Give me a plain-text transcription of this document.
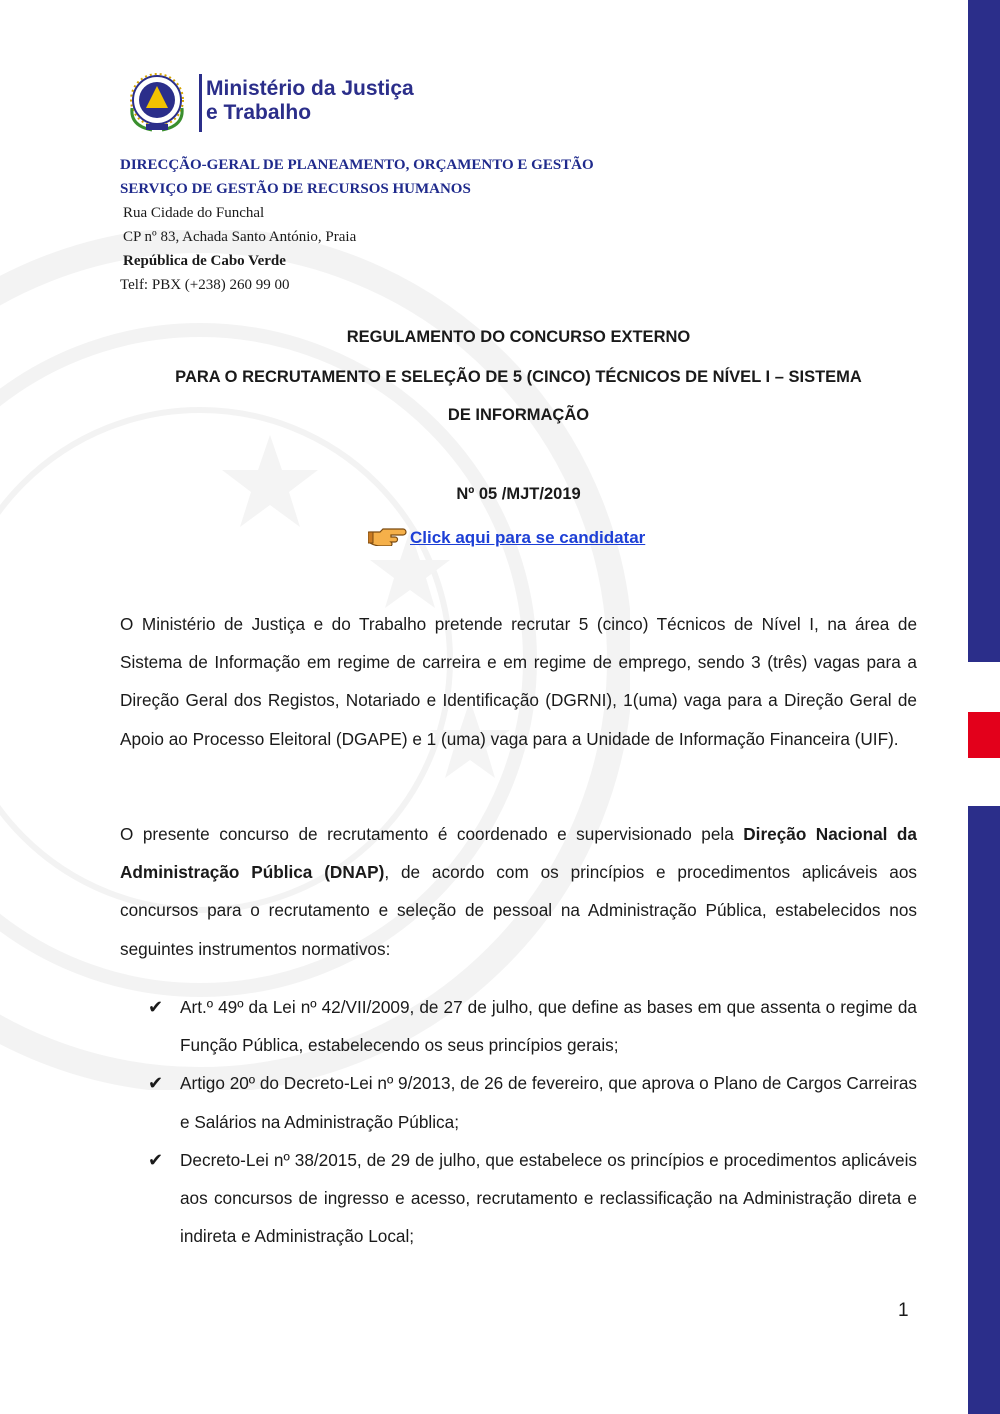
Ministério da Justiça
e Trabalho
DIRECÇÃO-GERAL DE PLANEAMENTO, ORÇAMENTO E GESTÃO
SERVIÇO DE GESTÃO DE RECURSOS HUMANOS
Rua Cidade do Funchal
CP nº 83, Achada Santo António, Praia
República de Cabo Verde
Telf: PBX (+238) 260 99 00
REGULAMENTO DO CONCURSO EXTERNO
PARA O RECRUTAMENTO E SELEÇÃO DE 5 (CINCO) TÉCNICOS DE NÍVEL I – SISTEMA
DE INFORMAÇÃO
Nº 05 /MJT/2019
Click aqui para se candidatar
O Ministério de Justiça e do Trabalho pretende recrutar 5 (cinco) Técnicos de Nível I, na área de Sistema de Informação em regime de carreira e em regime de emprego, sendo 3 (três) vagas para a Direção Geral dos Registos, Notariado e Identificação (DGRNI), 1(uma) vaga para a Direção Geral de Apoio ao Processo Eleitoral (DGAPE) e 1 (uma) vaga para a Unidade de Informação Financeira (UIF).
O presente concurso de recrutamento é coordenado e supervisionado pela Direção Nacional da Administração Pública (DNAP), de acordo com os princípios e procedimentos aplicáveis aos concursos para o recrutamento e seleção de pessoal na Administração Pública, estabelecidos nos seguintes instrumentos normativos:
✔ Art.º 49º da Lei nº 42/VII/2009, de 27 de julho, que define as bases em que assenta o regime da Função Pública, estabelecendo os seus princípios gerais;
✔ Artigo 20º do Decreto-Lei nº 9/2013, de 26 de fevereiro, que aprova o Plano de Cargos Carreiras e Salários na Administração Pública;
✔ Decreto-Lei nº 38/2015, de 29 de julho, que estabelece os princípios e procedimentos aplicáveis aos concursos de ingresso e acesso, recrutamento e reclassificação na Administração direta e indireta e Administração Local;
1
